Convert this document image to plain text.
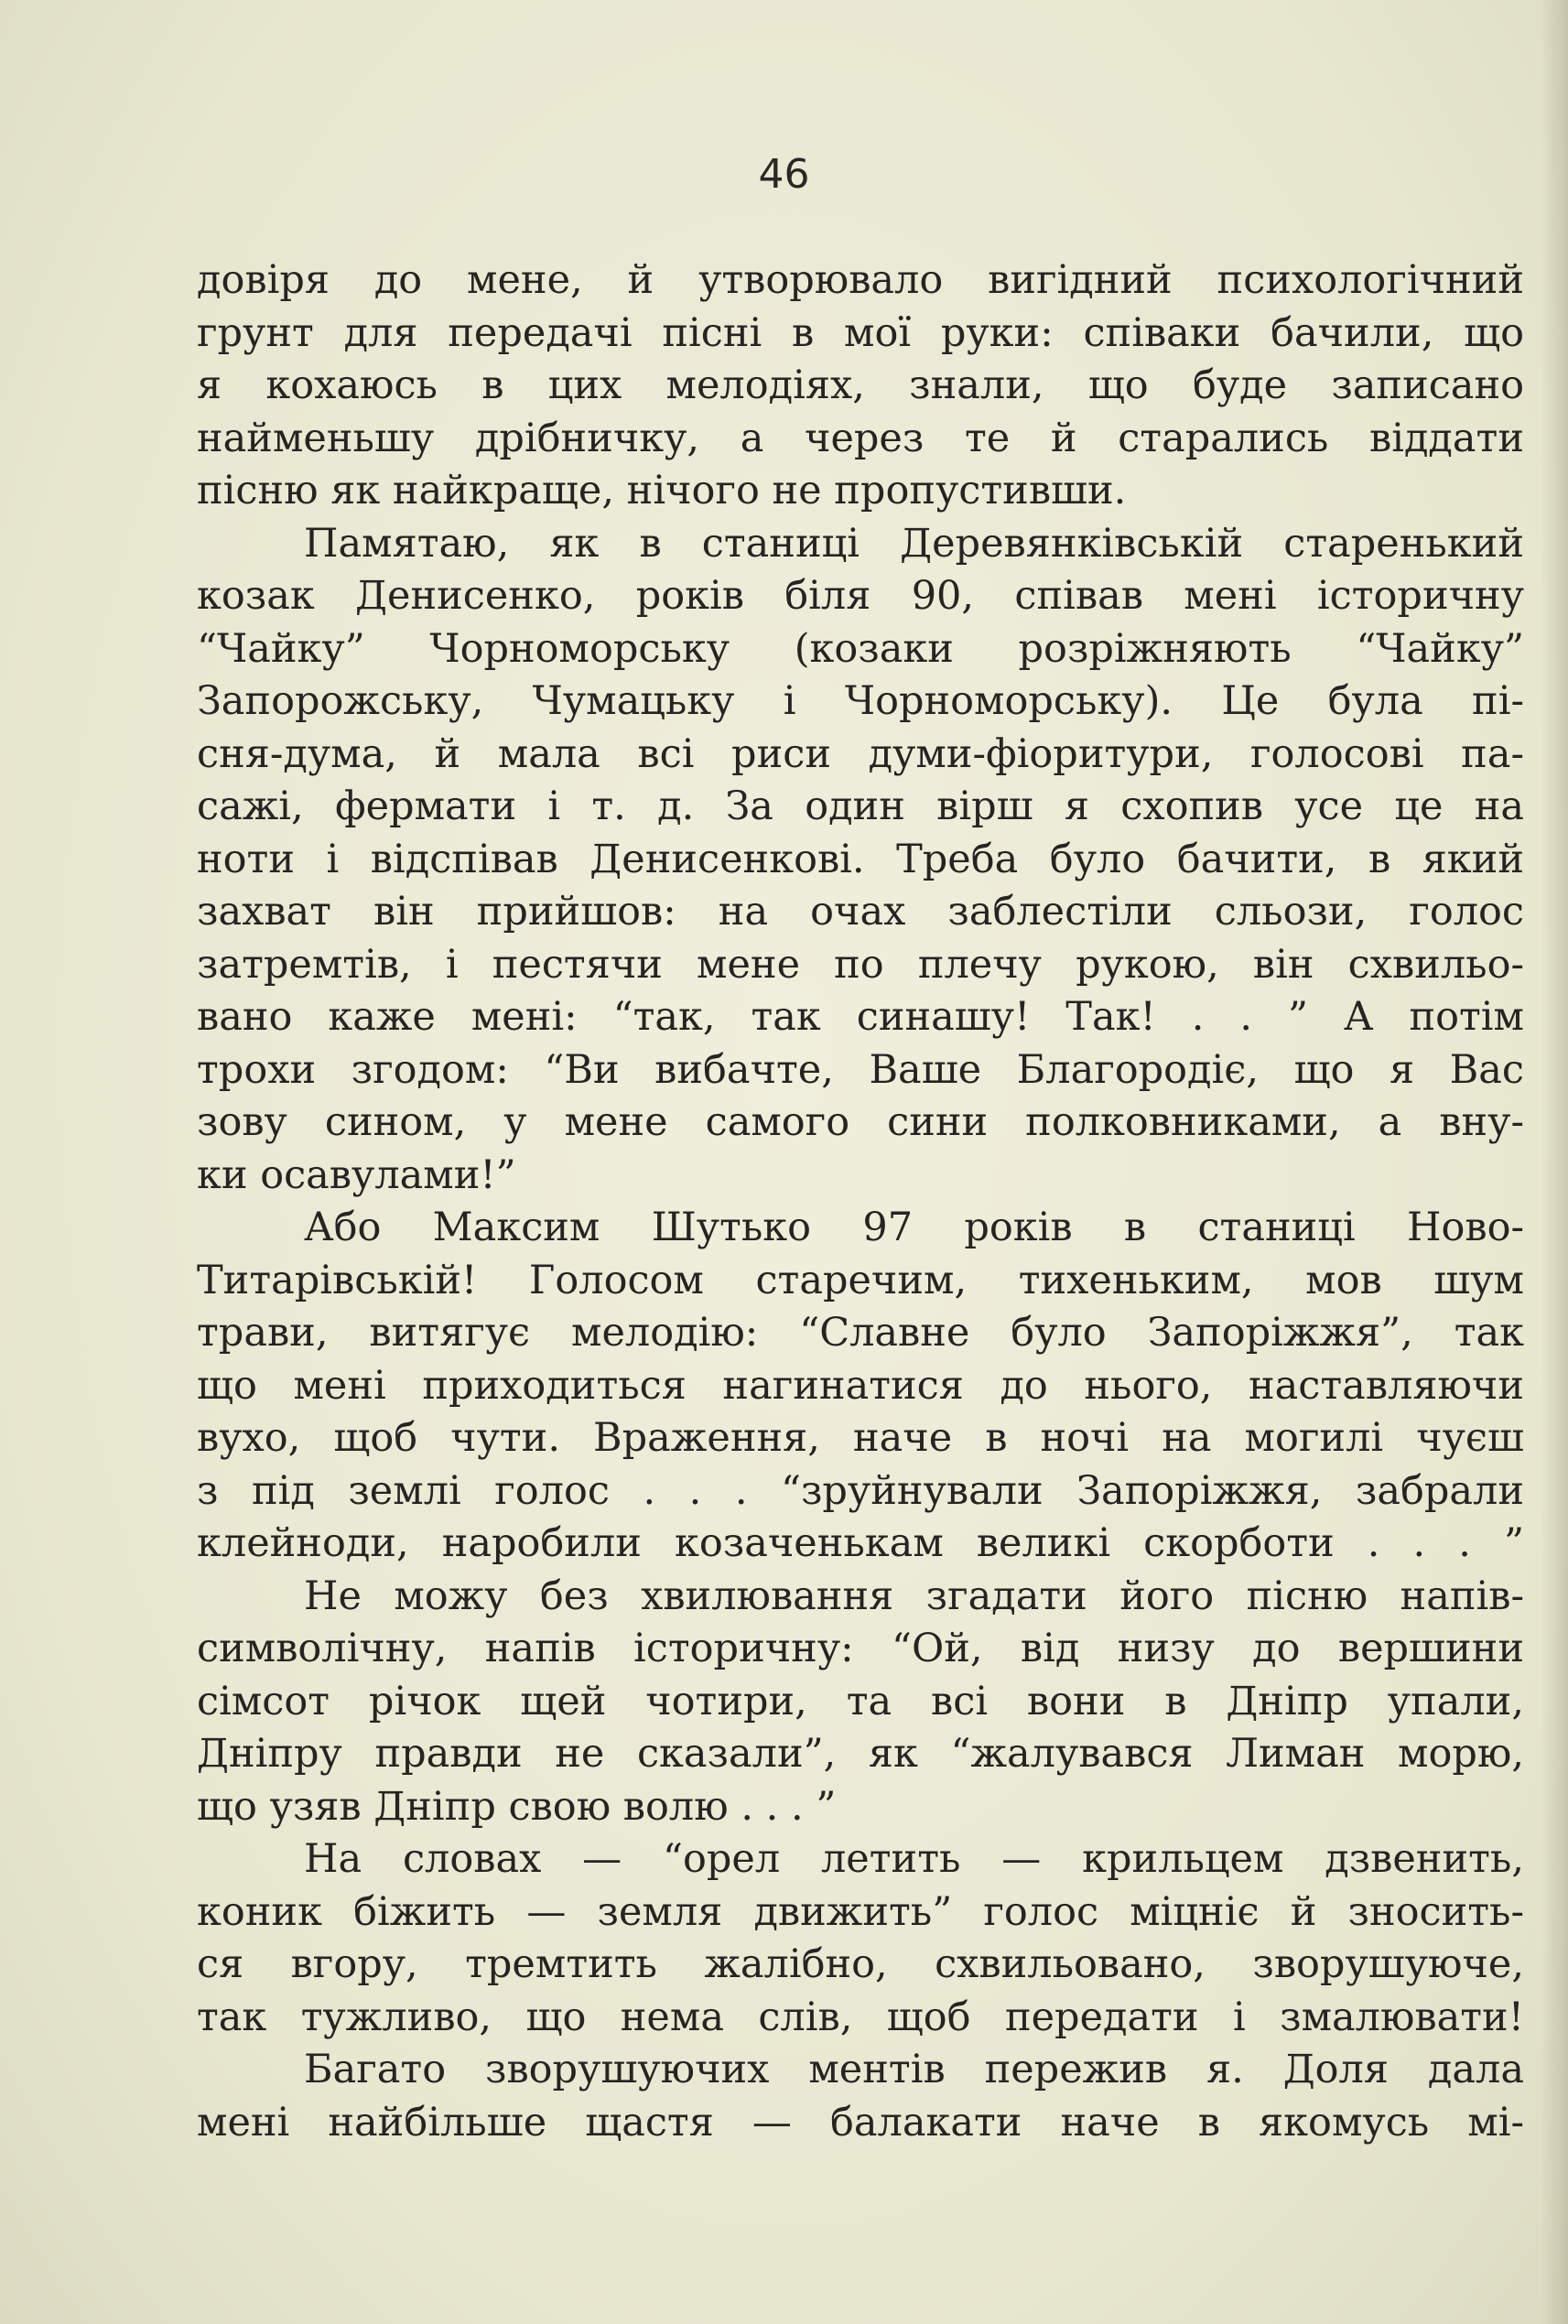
46
довіря до мене, й утворювало вигідний психологічний
грунт для передачі пісні в мої руки: співаки бачили, що
я кохаюсь в цих мелодіях, знали, що буде записано
найменьшу дрібничку, а через те й старались віддати
пісню як найкраще, нічого не пропустивши.
Памятаю, як в станиці Деревянківській старенький
козак Денисенко, років біля 90, співав мені історичну
“Чайку” Чорноморську (козаки розріжняють “Чайку”
Запорожську, Чумацьку і Чорноморську). Це була пі-
сня-дума, й мала всі риси думи-фіоритури, голосові па-
сажі, фермати і т. д. За один вірш я схопив усе це на
ноти і відспівав Денисенкові. Треба було бачити, в який
захват він прийшов: на очах заблестіли сльози, голос
затремтів, і пестячи мене по плечу рукою, він схвильо-
вано каже мені: “так, так синашу! Так! . . ” А потім
трохи згодом: “Ви вибачте, Ваше Благородіє, що я Вас
зову сином, у мене самого сини полковниками, а вну-
ки осавулами!”
Або Максим Шутько 97 років в станиці Ново-
Титарівській! Голосом старечим, тихеньким, мов шум
трави, витягує мелодію: “Славне було Запоріжжя”, так
що мені приходиться нагинатися до нього, наставляючи
вухо, щоб чути. Враження, наче в ночі на могилі чуєш
з під землі голос . . . “зруйнували Запоріжжя, забрали
клейноди, наробили козаченькам великі скорботи . . . ”
Не можу без хвилювання згадати його пісню напів-
символічну, напів історичну: “Ой, від низу до вершини
сімсот річок щей чотири, та всі вони в Дніпр упали,
Дніпру правди не сказали”, як “жалувався Лиман морю,
що узяв Дніпр свою волю . . . ”
На словах — “орел летить — крильцем дзвенить,
коник біжить — земля движить” голос міцніє й зносить-
ся вгору, тремтить жалібно, схвильовано, зворушуюче,
так тужливо, що нема слів, щоб передати і змалювати!
Багато зворушуючих ментів пережив я. Доля дала
мені найбільше щастя — балакати наче в якомусь мі-
